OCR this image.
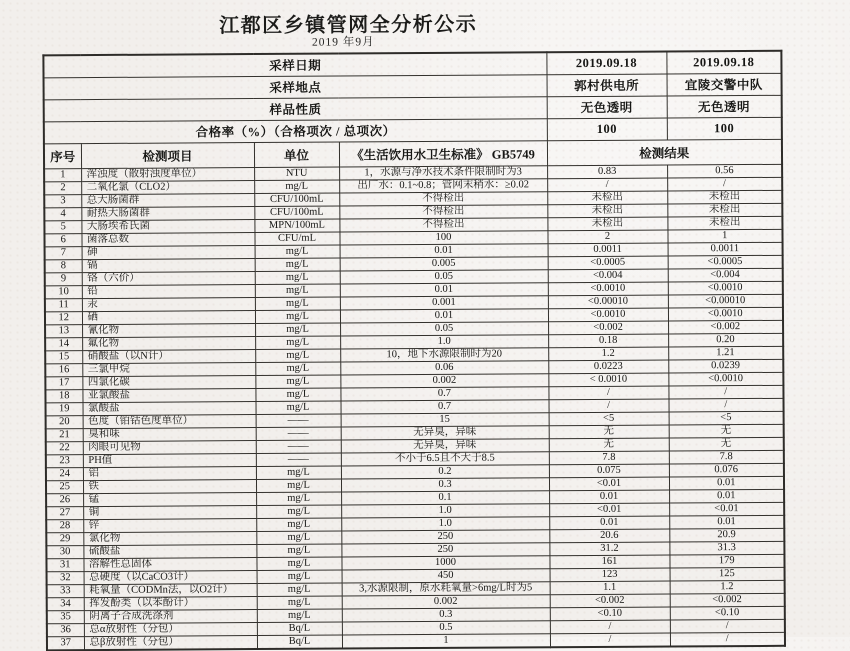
江都区乡镇管网全分析公示
2019 年9月
采样日期				2019.09.18	2019.09.18
采样地点				郭村供电所	宜陵交警中队
样品性质				无色透明	无色透明
合格率（%）（合格项次 / 总项次）				100	100
序号	检测项目	单位	《生活饮用水卫生标准》 GB5749	检测结果	
1	浑浊度（散射浊度单位）	NTU	1，水源与净水技术条件限制时为3	0.83	0.56
2	二氧化氯（CLO2）	mg/L	出厂水：0.1~0.8；管网末稍水：≥0.02	/	/
3	总大肠菌群	CFU/100mL	不得检出	未检出	未检出
4	耐热大肠菌群	CFU/100mL	不得检出	未检出	未检出
5	大肠埃希氏菌	MPN/100mL	不得检出	未检出	未检出
6	菌落总数	CFU/mL	100	2	1
7	砷	mg/L	0.01	0.0011	0.0011
8	镉	mg/L	0.005	<0.0005	<0.0005
9	铬（六价）	mg/L	0.05	<0.004	<0.004
10	铅	mg/L	0.01	<0.0010	<0.0010
11	汞	mg/L	0.001	<0.00010	<0.00010
12	硒	mg/L	0.01	<0.0010	<0.0010
13	氰化物	mg/L	0.05	<0.002	<0.002
14	氟化物	mg/L	1.0	0.18	0.20
15	硝酸盐（以N计）	mg/L	10，地下水源限制时为20	1.2	1.21
16	三氯甲烷	mg/L	0.06	0.0223	0.0239
17	四氯化碳	mg/L	0.002	< 0.0010	<0.0010
18	亚氯酸盐	mg/L	0.7	/	/
19	氯酸盐	mg/L	0.7	/	/
20	色度（铂钴色度单位）	——	15	<5	<5
21	臭和味	——	无异臭，异味	无	无
22	肉眼可见物	——	无异臭，异味	无	无
23	PH值	——	不小于6.5且不大于8.5	7.8	7.8
24	铝	mg/L	0.2	0.075	0.076
25	铁	mg/L	0.3	<0.01	0.01
26	锰	mg/L	0.1	0.01	0.01
27	铜	mg/L	1.0	<0.01	<0.01
28	锌	mg/L	1.0	0.01	0.01
29	氯化物	mg/L	250	20.6	20.9
30	硫酸盐	mg/L	250	31.2	31.3
31	溶解性总固体	mg/L	1000	161	179
32	总硬度（以CaCO3计）	mg/L	450	123	125
33	耗氧量（CODMn法，以O2计）	mg/L	3,水源限制，原水耗氧量>6mg/L时为5	1.1	1.2
34	挥发酚类（以苯酚计）	mg/L	0.002	<0.002	<0.002
35	阴离子合成洗涤剂	mg/L	0.3	<0.10	<0.10
36	总α放射性（分包）	Bq/L	0.5	/	/
37	总β放射性（分包）	Bq/L	1	/	/
